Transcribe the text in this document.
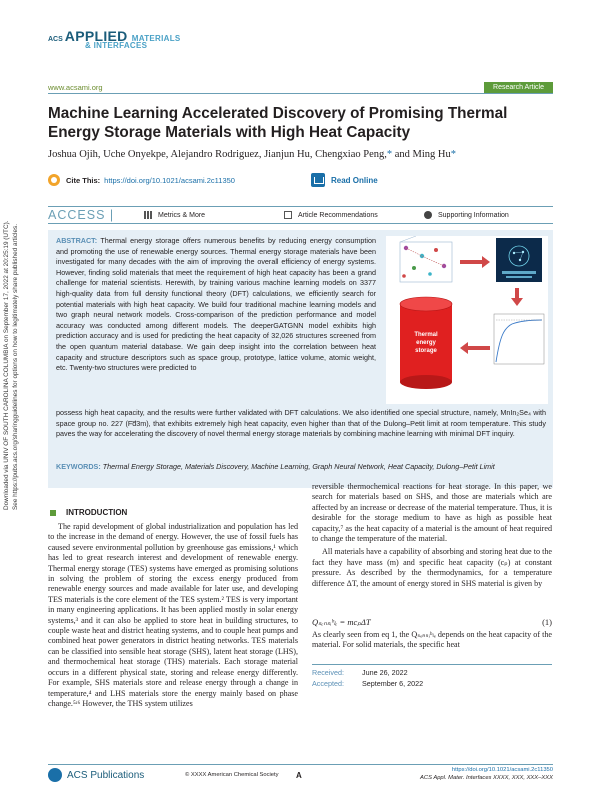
Downloaded via UNIV OF SOUTH CAROLINA COLUMBIA on September 17, 2022 at 20:25:19 (UTC). See https://pubs.acs.org/sharingguidelines for options on how to legitimately share published articles.
ACS APPLIED MATERIALS
& INTERFACES
www.acsami.org	Research Article
Machine Learning Accelerated Discovery of Promising Thermal Energy Storage Materials with High Heat Capacity
Joshua Ojih, Uche Onyekpe, Alejandro Rodriguez, Jianjun Hu, Chengxiao Peng,* and Ming Hu*
Cite This: https://doi.org/10.1021/acsami.2c11350	Read Online
ACCESS |	Metrics & More	Article Recommendations	Supporting Information
ABSTRACT: Thermal energy storage offers numerous benefits by reducing energy consumption and promoting the use of renewable energy sources. Thermal energy storage materials have been investigated for many decades with the aim of improving the overall efficiency of energy systems. However, finding solid materials that meet the requirement of high heat capacity has been a grand challenge for material scientists. Herewith, by training various machine learning models on 3377 high-quality data from full density functional theory (DFT) calculations, we efficiently search for potential materials with high heat capacity. We build four traditional machine learning models and two graph neural network models. Cross-comparison of the prediction performance and model accuracy was conducted among different models. The deeperGATGNN model exhibits high prediction accuracy and is used for predicting the heat capacity of 32,026 structures screened from the open quantum material database. We gain deep insight into the correlation between heat capacity and structure descriptors such as space group, prototype, lattice volume, atomic weight, etc. Twenty-two structures were predicted to
Thermal
energy
storage
possess high heat capacity, and the results were further validated with DFT calculations. We also identified one special structure, namely, MnIn₂Se₄ with space group no. 227 (Fd̅3m), that exhibits extremely high heat capacity, even higher than that of the Dulong–Petit limit at room temperature. This study paves the way for accelerating the discovery of novel thermal energy storage materials by combining machine learning with minimal DFT inquiry.
KEYWORDS: Thermal Energy Storage, Materials Discovery, Machine Learning, Graph Neural Network, Heat Capacity, Dulong–Petit Limit
INTRODUCTION
The rapid development of global industrialization and population has led to the increase in the demand of energy. However, the use of fossil fuels has caused severe environmental pollution by greenhouse gas emissions,¹ which has led to great research interest and development of renewable energy. Thermal energy storage (TES) systems have emerged as promising solutions in solving the problem of storing the excess energy produced from renewable energy sources and made available for later use, and developing TES materials is the core element of the TES system.² TES is very important in many engineering applications. It has been applied mostly in solar energy systems,³ and it can also be applied to store heat in building structures, to couple waste heat and district heating systems, and to couple heat pumps and combined heat power generators in district heating networks. TES materials can be classified into sensible heat storage (SHS), latent heat storage (LHS), and thermochemical heat storage (THS) materials. Each storage material occurs in a different physical state, storing and release energy differently. For example, SHS materials store and release energy through a change in temperature,⁴ and LHS materials store the energy mainly based on phase change.⁵ʴ⁶ However, the THS system utilizes

reversible thermochemical reactions for heat storage. In this paper, we search for materials based on SHS, and those are materials which are affected by an increase or decrease of the material temperature. Thus, it is desirable for the storage medium to have as high as possible heat capacity,⁷ as the heat capacity of a material is the amount of heat required to change the temperature of the material.

All materials have a capability of absorbing and storing heat due to the fact they have mass (m) and specific heat capacity (cₚ) at constant pressure. As described by the thermodynamics, for a temperature difference ΔT, the amount of energy stored in SHS material is given by

Qₛₑₙₛᵢᵇₗₑ = mcₚΔT	(1)
As clearly seen from eq 1, the Qₛₑₙₛᵢᵇₗₑ depends on the heat capacity of the material. For solid materials, the specific heat
Received:	June 26, 2022
Accepted:	September 6, 2022
ACS Publications	© XXXX American Chemical Society A
https://doi.org/10.1021/acsami.2c11350
ACS Appl. Mater. Interfaces XXXX, XXX, XXX–XXX
